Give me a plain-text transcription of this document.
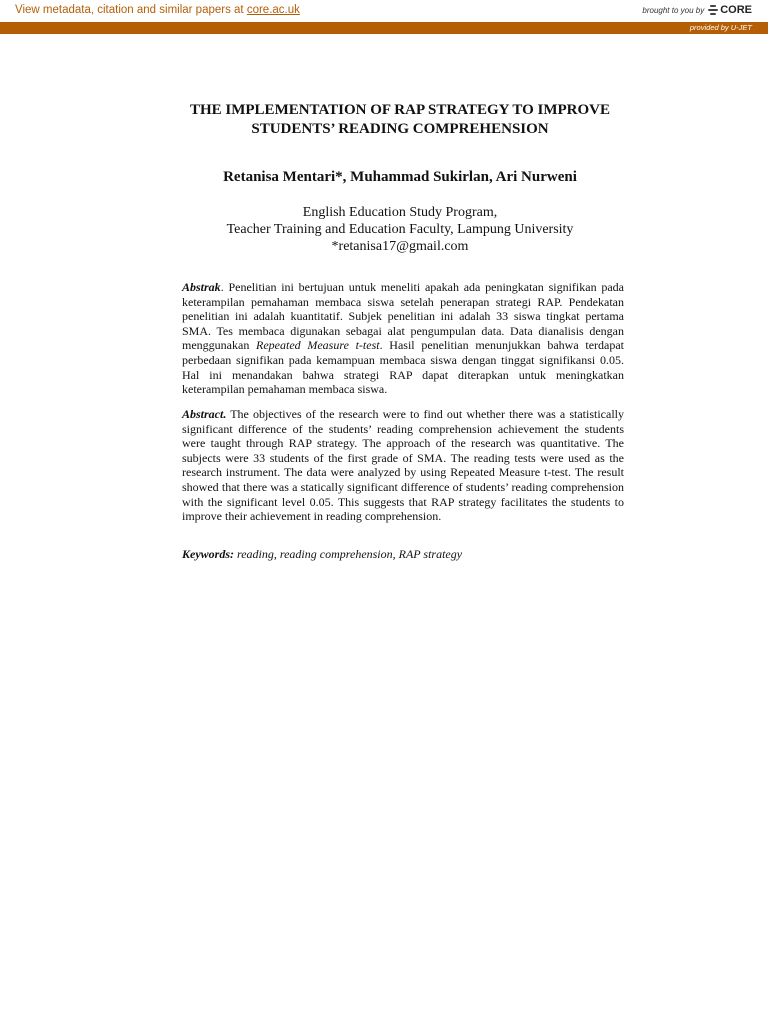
View metadata, citation and similar papers at core.ac.uk	brought to you by CORE
provided by U-JET
THE IMPLEMENTATION OF RAP STRATEGY TO IMPROVE
STUDENTS’ READING COMPREHENSION

Retanisa Mentari*, Muhammad Sukirlan, Ari Nurweni

English Education Study Program,
Teacher Training and Education Faculty, Lampung University
*retanisa17@gmail.com

Abstrak. Penelitian ini bertujuan untuk meneliti apakah ada peningkatan signifikan pada keterampilan pemahaman membaca siswa setelah penerapan strategi RAP. Pendekatan penelitian ini adalah kuantitatif. Subjek penelitian ini adalah 33 siswa tingkat pertama SMA. Tes membaca digunakan sebagai alat pengumpulan data. Data dianalisis dengan menggunakan Repeated Measure t-test. Hasil penelitian menunjukkan bahwa terdapat perbedaan signifikan pada kemampuan membaca siswa dengan tinggat signifikansi 0.05. Hal ini menandakan bahwa strategi RAP dapat diterapkan untuk meningkatkan keterampilan pemahaman membaca siswa.

Abstract. The objectives of the research were to find out whether there was a statistically significant difference of the students’ reading comprehension achievement the students were taught through RAP strategy. The approach of the research was quantitative. The subjects were 33 students of the first grade of SMA. The reading tests were used as the research instrument. The data were analyzed by using Repeated Measure t-test. The result showed that there was a statically significant difference of students’ reading comprehension with the significant level 0.05. This suggests that RAP strategy facilitates the students to improve their achievement in reading comprehension.

Keywords: reading, reading comprehension, RAP strategy
